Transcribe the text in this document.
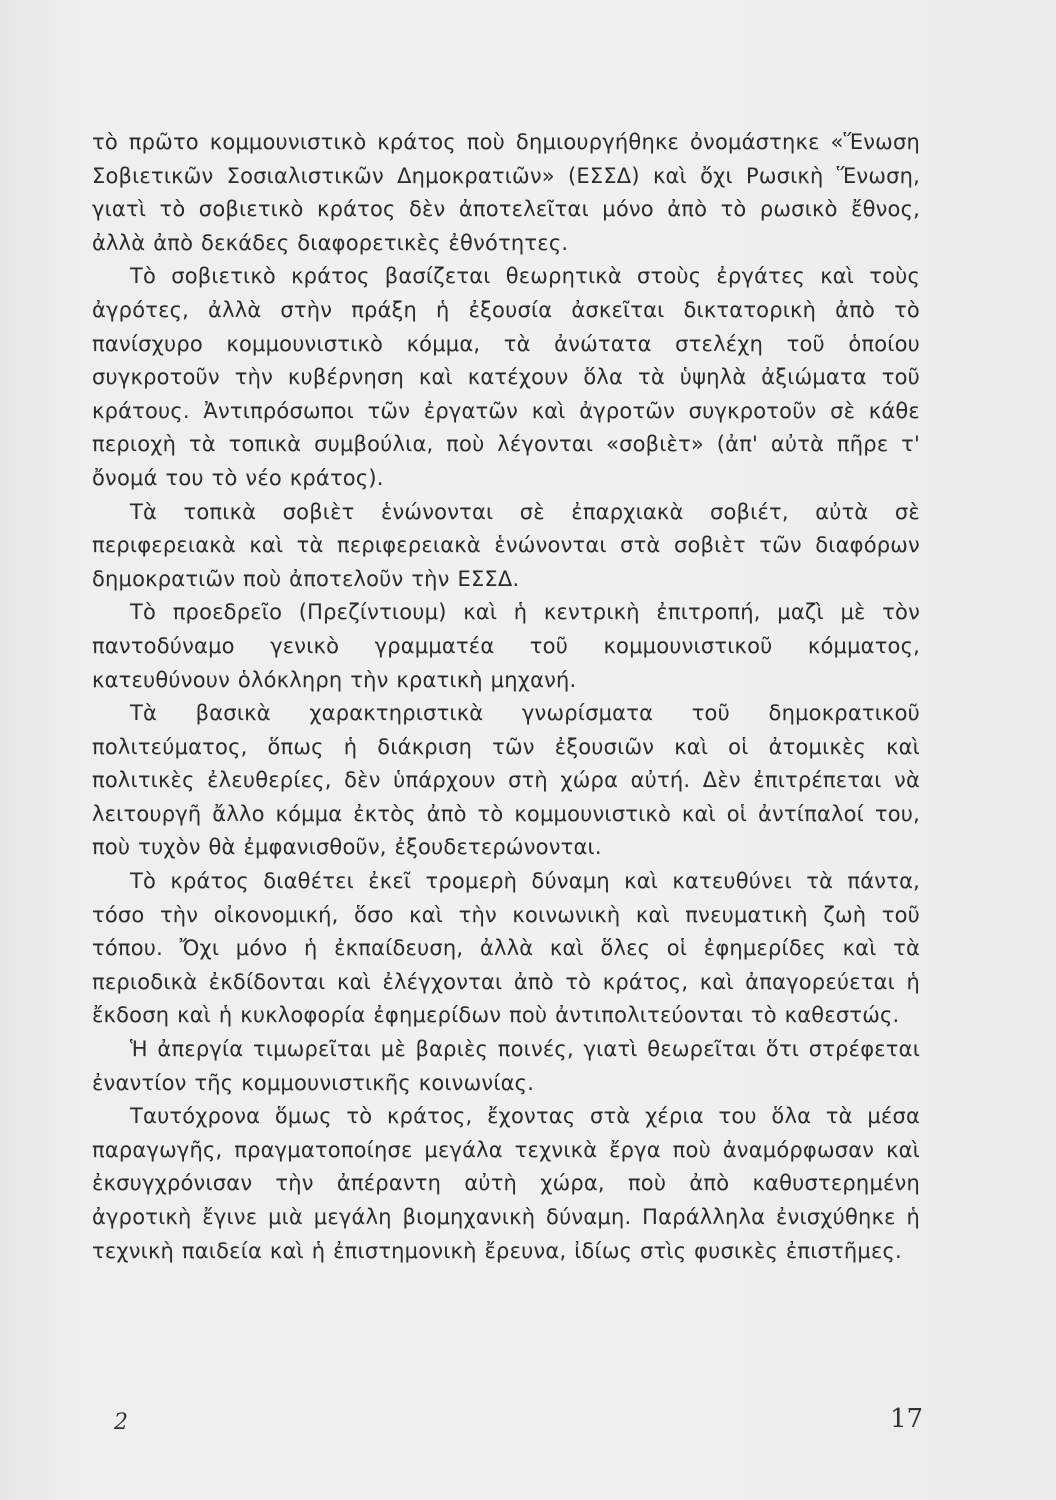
τὸ πρῶτο κομμουνιστικὸ κράτος ποὺ δημιουργήθηκε ὀνομάστηκε «Ἕνωση Σοβιετικῶν Σοσιαλιστικῶν Δημοκρατιῶν» (ΕΣΣΔ) καὶ ὄχι Ρωσικὴ Ἕνωση, γιατὶ τὸ σοβιετικὸ κράτος δὲν ἀποτελεῖται μόνο ἀπὸ τὸ ρωσικὸ ἔθνος, ἀλλὰ ἀπὸ δεκάδες διαφορετικὲς ἐθνότητες.

Τὸ σοβιετικὸ κράτος βασίζεται θεωρητικὰ στοὺς ἐργάτες καὶ τοὺς ἀγρότες, ἀλλὰ στὴν πράξη ἡ ἐξουσία ἀσκεῖται δικτατορικὴ ἀπὸ τὸ πανίσχυρο κομμουνιστικὸ κόμμα, τὰ ἀνώτατα στελέχη τοῦ ὁποίου συγκροτοῦν τὴν κυβέρνηση καὶ κατέχουν ὅλα τὰ ὑψηλὰ ἀξιώματα τοῦ κράτους. Ἀντιπρόσωποι τῶν ἐργατῶν καὶ ἀγροτῶν συγκροτοῦν σὲ κάθε περιοχὴ τὰ τοπικὰ συμβούλια, ποὺ λέγονται «σοβιὲτ» (ἀπ' αὐτὰ πῆρε τ' ὄνομά του τὸ νέο κράτος).

Τὰ τοπικὰ σοβιὲτ ἑνώνονται σὲ ἐπαρχιακὰ σοβιέτ, αὐτὰ σὲ περιφερειακὰ καὶ τὰ περιφερειακὰ ἑνώνονται στὰ σοβιὲτ τῶν διαφόρων δημοκρατιῶν ποὺ ἀποτελοῦν τὴν ΕΣΣΔ.

Τὸ προεδρεῖο (Πρεζίντιουμ) καὶ ἡ κεντρικὴ ἐπιτροπή, μαζὶ μὲ τὸν παντοδύναμο γενικὸ γραμματέα τοῦ κομμουνιστικοῦ κόμματος, κατευθύνουν ὁλόκληρη τὴν κρατικὴ μηχανή.

Τὰ βασικὰ χαρακτηριστικὰ γνωρίσματα τοῦ δημοκρατικοῦ πολιτεύματος, ὅπως ἡ διάκριση τῶν ἐξουσιῶν καὶ οἱ ἀτομικὲς καὶ πολιτικὲς ἐλευθερίες, δὲν ὑπάρχουν στὴ χώρα αὐτή. Δὲν ἐπιτρέπεται νὰ λειτουργῆ ἄλλο κόμμα ἐκτὸς ἀπὸ τὸ κομμουνιστικὸ καὶ οἱ ἀντίπαλοί του, ποὺ τυχὸν θὰ ἐμφανισθοῦν, ἐξουδετερώνονται.

Τὸ κράτος διαθέτει ἐκεῖ τρομερὴ δύναμη καὶ κατευθύνει τὰ πάντα, τόσο τὴν οἰκονομική, ὅσο καὶ τὴν κοινωνικὴ καὶ πνευματικὴ ζωὴ τοῦ τόπου. Ὄχι μόνο ἡ ἐκπαίδευση, ἀλλὰ καὶ ὅλες οἱ ἐφημερίδες καὶ τὰ περιοδικὰ ἐκδίδονται καὶ ἐλέγχονται ἀπὸ τὸ κράτος, καὶ ἀπαγορεύεται ἡ ἔκδοση καὶ ἡ κυκλοφορία ἐφημερίδων ποὺ ἀντιπολιτεύονται τὸ καθεστώς.

Ἡ ἀπεργία τιμωρεῖται μὲ βαριὲς ποινές, γιατὶ θεωρεῖται ὅτι στρέφεται ἐναντίον τῆς κομμουνιστικῆς κοινωνίας.

Ταυτόχρονα ὅμως τὸ κράτος, ἔχοντας στὰ χέρια του ὅλα τὰ μέσα παραγωγῆς, πραγματοποίησε μεγάλα τεχνικὰ ἔργα ποὺ ἀναμόρφωσαν καὶ ἐκσυγχρόνισαν τὴν ἀπέραντη αὐτὴ χώρα, ποὺ ἀπὸ καθυστερημένη ἀγροτικὴ ἔγινε μιὰ μεγάλη βιομηχανικὴ δύναμη. Παράλληλα ἐνισχύθηκε ἡ τεχνικὴ παιδεία καὶ ἡ ἐπιστημονικὴ ἔρευνα, ἰδίως στὶς φυσικὲς ἐπιστῆμες.

2	17
